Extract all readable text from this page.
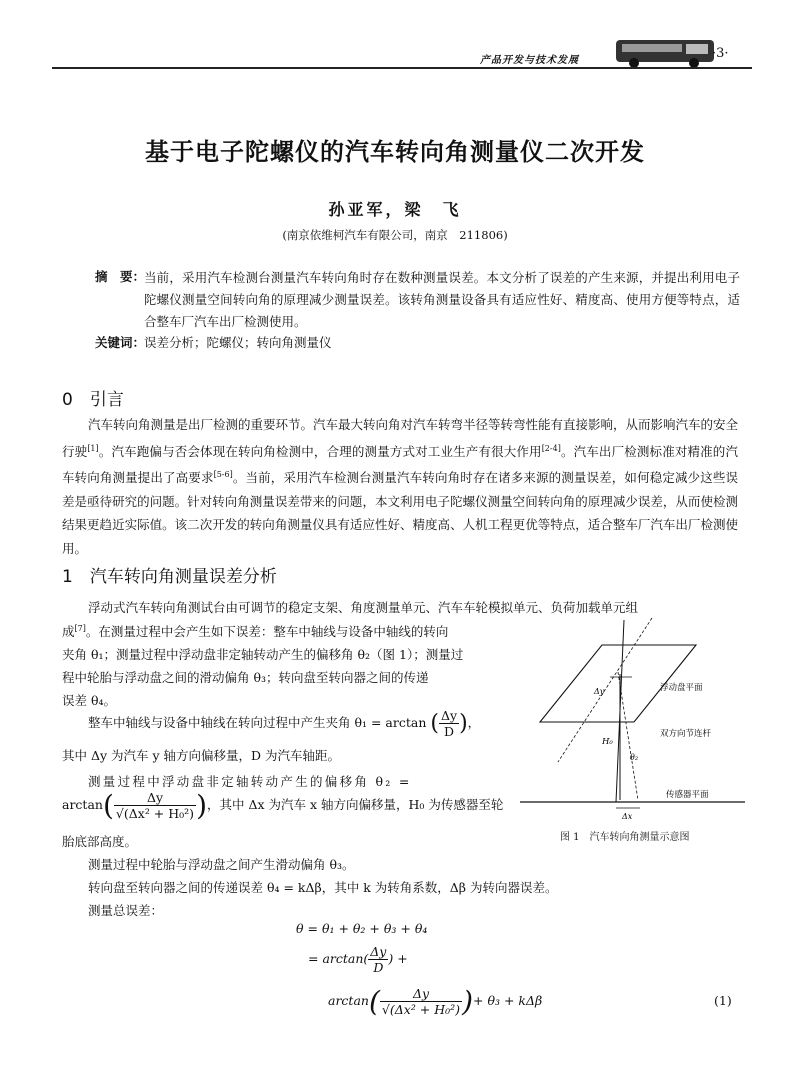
产品开发与技术发展	·3·
基于电子陀螺仪的汽车转向角测量仪二次开发
孙亚军，梁　飞
(南京依维柯汽车有限公司，南京　211806)
摘　要：
当前，采用汽车检测台测量汽车转向角时存在数种测量误差。本文分析了误差的产生来源，并提出利用电子陀螺仪测量空间转向角的原理减少测量误差。该转角测量设备具有适应性好、精度高、使用方便等特点，适合整车厂汽车出厂检测使用。
关键词：
误差分析；陀螺仪；转向角测量仪
0　引言
汽车转向角测量是出厂检测的重要环节。汽车最大转向角对汽车转弯半径等转弯性能有直接影响，从而影响汽车的安全行驶[1]。汽车跑偏与否会体现在转向角检测中，合理的测量方式对工业生产有很大作用[2-4]。汽车出厂检测标准对精准的汽车转向角测量提出了高要求[5-6]。当前，采用汽车检测台测量汽车转向角时存在诸多来源的测量误差，如何稳定减少这些误差是亟待研究的问题。针对转向角测量误差带来的问题，本文利用电子陀螺仪测量空间转向角的原理减少误差，从而使检测结果更趋近实际值。该二次开发的转向角测量仪具有适应性好、精度高、人机工程更优等特点，适合整车厂汽车出厂检测使用。
1　汽车转向角测量误差分析
浮动式汽车转向角测试台由可调节的稳定支架、角度测量单元、汽车车轮模拟单元、负荷加载单元组
成[7]。在测量过程中会产生如下误差：整车中轴线与设备中轴线的转向
夹角 θ₁；测量过程中浮动盘非定轴转动产生的偏移角 θ₂（图 1）；测量过
程中轮胎与浮动盘之间的滑动偏角 θ₃；转向盘至转向器之间的传递
误差 θ₄。
整车中轴线与设备中轴线在转向过程中产生夹角 θ₁ = arctan ( $\frac{\Delta y}{D}$ )，
其中 Δy 为汽车 y 轴方向偏移量，D 为汽车轴距。
测量过程中浮动盘非定轴转动产生的偏移角 θ₂ =
$\arctan( \frac{\Delta y}{\text{√(Δx² + H₀²)}}$ )，其中 Δx 为汽车 x 轴方向偏移量，H₀ 为传感器至轮
胎底部高度。
测量过程中轮胎与浮动盘之间产生滑动偏角 θ₃。
转向盘至转向器之间的传递误差 θ₄ = kΔβ，其中 k 为转角系数，Δβ 为转向器误差。
测量总误差：
θ = θ₁ + θ₂ + θ₃ + θ₄
= $\arctan( \frac{\Delta y}{D}$ ) +
$\arctan( \frac{\Delta y}{\text{√(Δx² + H₀²)}}$ )+ θ₃ + kΔβ	(1)
浮动盘平面
双方向节连杆
传感器平面
Δy
H₀
θ₂
Δx
图 1　汽车转向角测量示意图
